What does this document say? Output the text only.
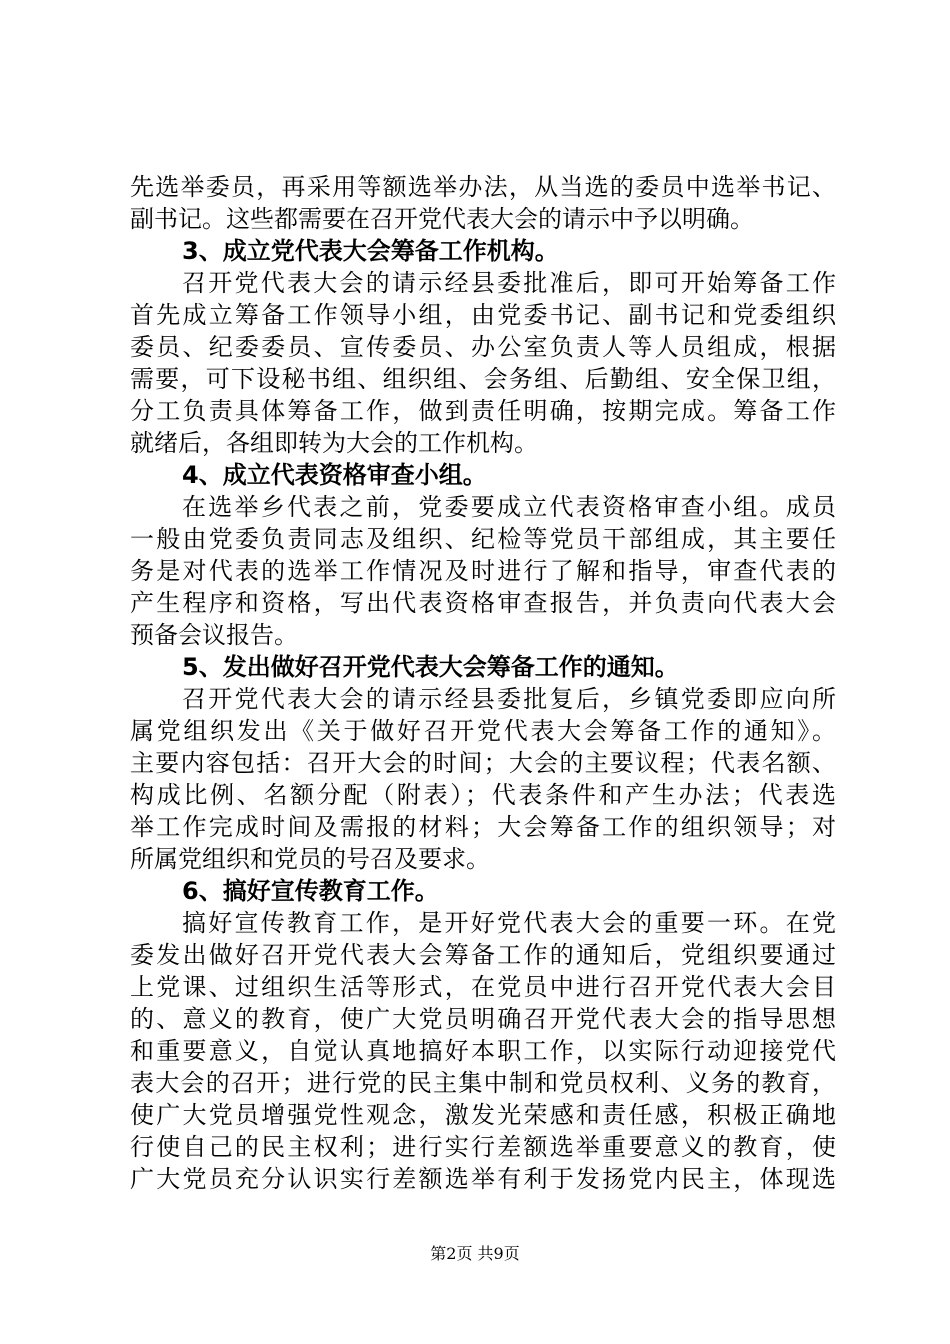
先选举委员，再采用等额选举办法，从当选的委员中选举书记、
副书记。这些都需要在召开党代表大会的请示中予以明确。
3、成立党代表大会筹备工作机构。
召开党代表大会的请示经县委批准后，即可开始筹备工作
首先成立筹备工作领导小组，由党委书记、副书记和党委组织
委员、纪委委员、宣传委员、办公室负责人等人员组成，根据
需要，可下设秘书组、组织组、会务组、后勤组、安全保卫组，
分工负责具体筹备工作，做到责任明确，按期完成。筹备工作
就绪后，各组即转为大会的工作机构。
4、成立代表资格审查小组。
在选举乡代表之前，党委要成立代表资格审查小组。成员
一般由党委负责同志及组织、纪检等党员干部组成，其主要任
务是对代表的选举工作情况及时进行了解和指导，审查代表的
产生程序和资格，写出代表资格审查报告，并负责向代表大会
预备会议报告。
5、发出做好召开党代表大会筹备工作的通知。
召开党代表大会的请示经县委批复后，乡镇党委即应向所
属党组织发出《关于做好召开党代表大会筹备工作的通知》。
主要内容包括：召开大会的时间；大会的主要议程；代表名额、
构成比例、名额分配（附表）；代表条件和产生办法；代表选
举工作完成时间及需报的材料；大会筹备工作的组织领导；对
所属党组织和党员的号召及要求。
6、搞好宣传教育工作。
搞好宣传教育工作，是开好党代表大会的重要一环。在党
委发出做好召开党代表大会筹备工作的通知后，党组织要通过
上党课、过组织生活等形式，在党员中进行召开党代表大会目
的、意义的教育，使广大党员明确召开党代表大会的指导思想
和重要意义，自觉认真地搞好本职工作，以实际行动迎接党代
表大会的召开；进行党的民主集中制和党员权利、义务的教育，
使广大党员增强党性观念，激发光荣感和责任感，积极正确地
行使自己的民主权利；进行实行差额选举重要意义的教育，使
广大党员充分认识实行差额选举有利于发扬党内民主，体现选
第2页 共9页
